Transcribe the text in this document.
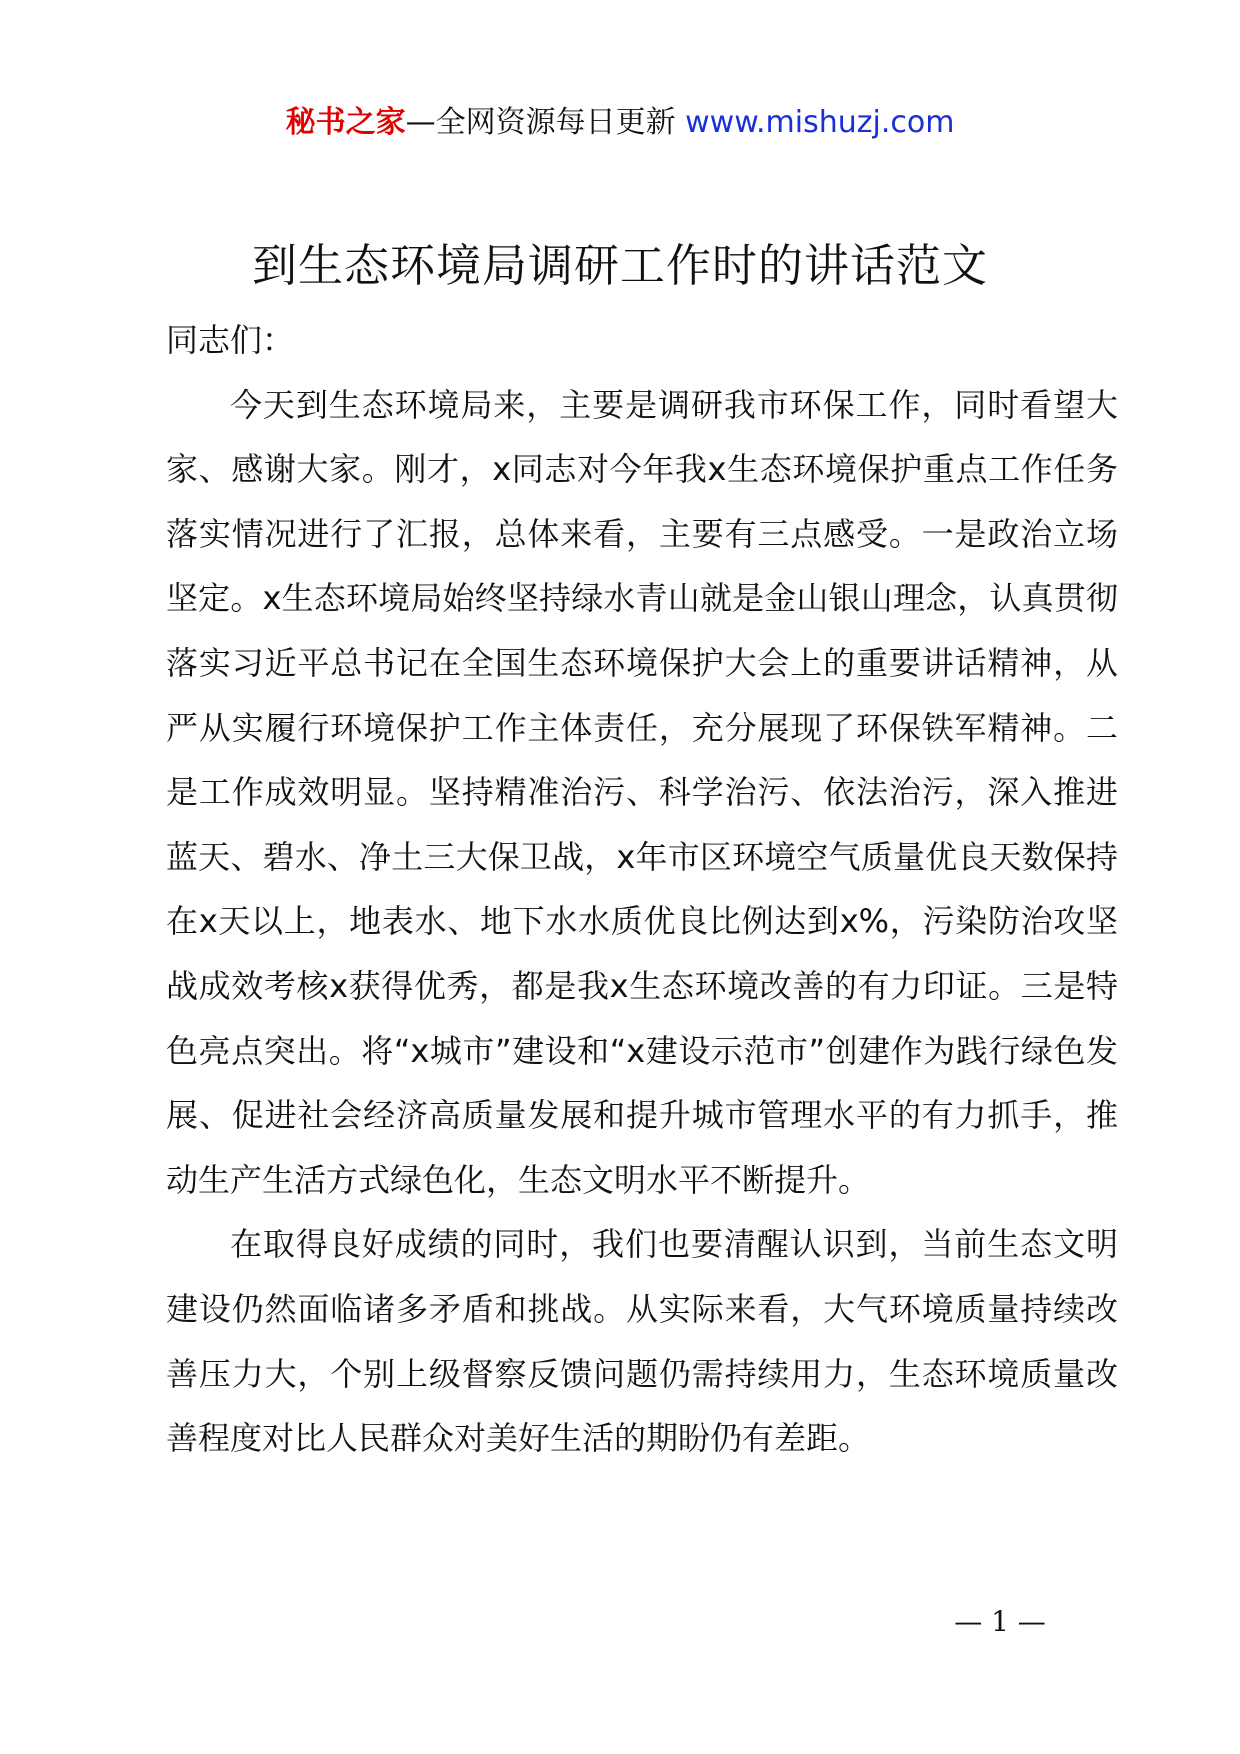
秘书之家—全网资源每日更新 www.mishuzj.com
到生态环境局调研工作时的讲话范文

同志们：

今天到生态环境局来，主要是调研我市环保工作，同时看望大家、感谢大家。刚才，x同志对今年我x生态环境保护重点工作任务落实情况进行了汇报，总体来看，主要有三点感受。一是政治立场坚定。x生态环境局始终坚持绿水青山就是金山银山理念，认真贯彻落实习近平总书记在全国生态环境保护大会上的重要讲话精神，从严从实履行环境保护工作主体责任，充分展现了环保铁军精神。二是工作成效明显。坚持精准治污、科学治污、依法治污，深入推进蓝天、碧水、净土三大保卫战，x年市区环境空气质量优良天数保持在x天以上，地表水、地下水水质优良比例达到x%，污染防治攻坚战成效考核x获得优秀，都是我x生态环境改善的有力印证。三是特色亮点突出。将“x城市”建设和“x建设示范市”创建作为践行绿色发展、促进社会经济高质量发展和提升城市管理水平的有力抓手，推动生产生活方式绿色化，生态文明水平不断提升。

在取得良好成绩的同时，我们也要清醒认识到，当前生态文明建设仍然面临诸多矛盾和挑战。从实际来看，大气环境质量持续改善压力大，个别上级督察反馈问题仍需持续用力，生态环境质量改善程度对比人民群众对美好生活的期盼仍有差距。

— 1 —
